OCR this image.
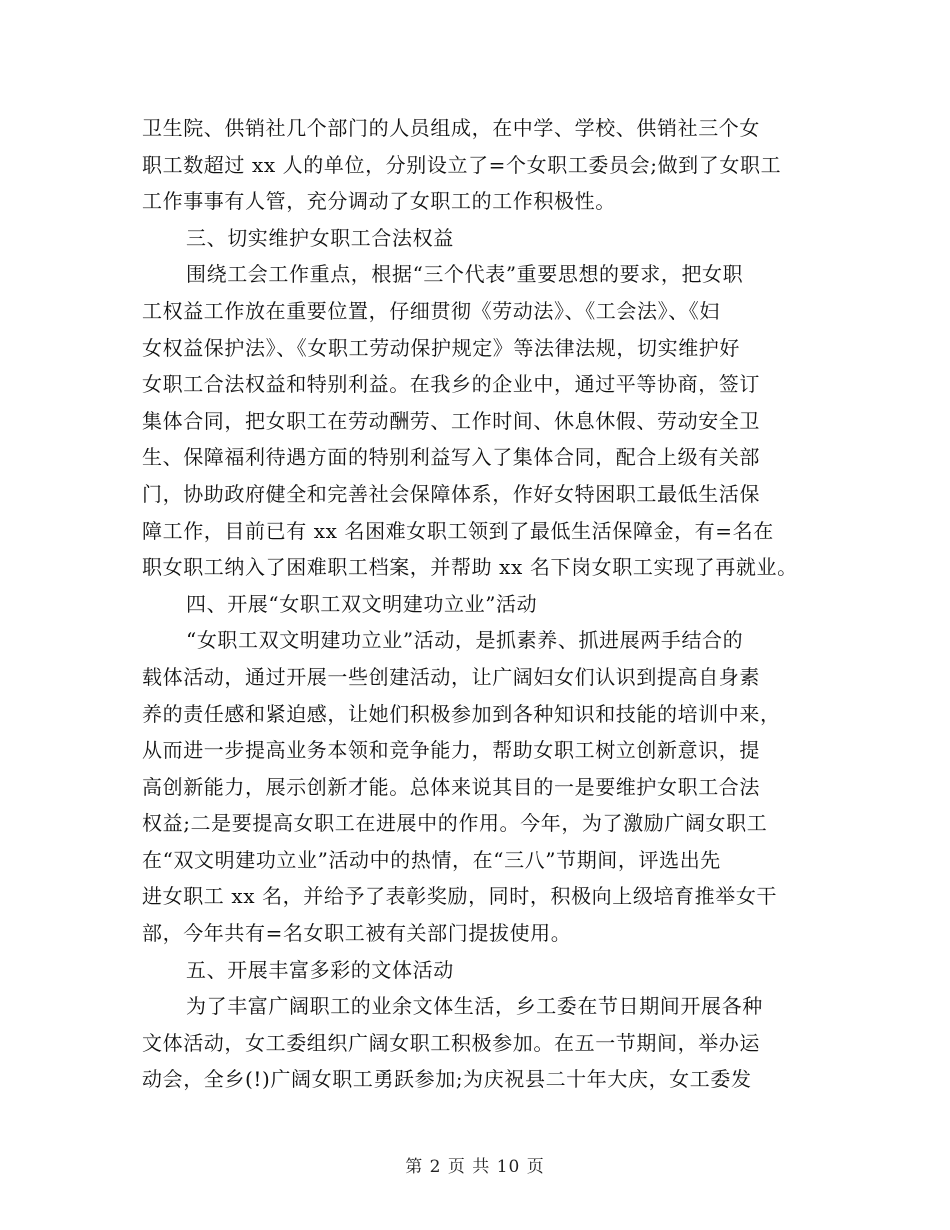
卫生院、供销社几个部门的人员组成，在中学、学校、供销社三个女
职工数超过 xx 人的单位，分别设立了=个女职工委员会;做到了女职工
工作事事有人管，充分调动了女职工的工作积极性。
三、切实维护女职工合法权益
围绕工会工作重点，根据“三个代表”重要思想的要求，把女职
工权益工作放在重要位置，仔细贯彻《劳动法》、《工会法》、《妇
女权益保护法》、《女职工劳动保护规定》等法律法规，切实维护好
女职工合法权益和特别利益。在我乡的企业中，通过平等协商，签订
集体合同，把女职工在劳动酬劳、工作时间、休息休假、劳动安全卫
生、保障福利待遇方面的特别利益写入了集体合同，配合上级有关部
门，协助政府健全和完善社会保障体系，作好女特困职工最低生活保
障工作，目前已有 xx 名困难女职工领到了最低生活保障金，有=名在
职女职工纳入了困难职工档案，并帮助 xx 名下岗女职工实现了再就业。
四、开展“女职工双文明建功立业”活动
“女职工双文明建功立业”活动，是抓素养、抓进展两手结合的
载体活动，通过开展一些创建活动，让广阔妇女们认识到提高自身素
养的责任感和紧迫感，让她们积极参加到各种知识和技能的培训中来，
从而进一步提高业务本领和竞争能力，帮助女职工树立创新意识，提
高创新能力，展示创新才能。总体来说其目的一是要维护女职工合法
权益;二是要提高女职工在进展中的作用。今年，为了激励广阔女职工
在“双文明建功立业”活动中的热情，在“三八”节期间，评选出先
进女职工 xx 名，并给予了表彰奖励，同时，积极向上级培育推举女干
部，今年共有=名女职工被有关部门提拔使用。
五、开展丰富多彩的文体活动
为了丰富广阔职工的业余文体生活，乡工委在节日期间开展各种
文体活动，女工委组织广阔女职工积极参加。在五一节期间，举办运
动会，全乡(!)广阔女职工勇跃参加;为庆祝县二十年大庆，女工委发
第 2 页 共 10 页
